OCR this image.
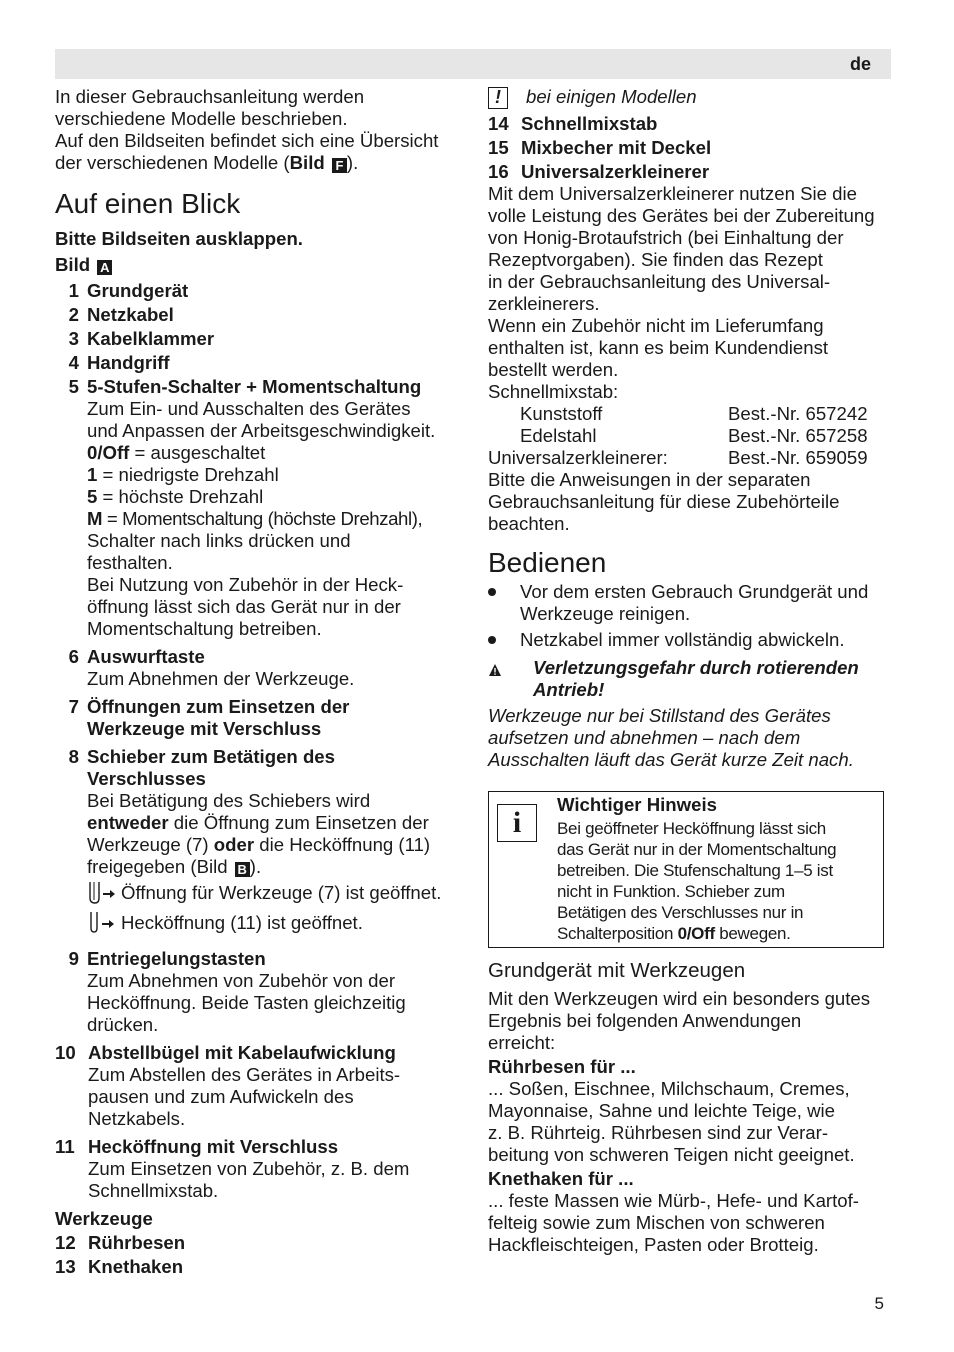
de

In dieser Gebrauchsanleitung werden

verschiedene Modelle beschrieben.

Auf den Bildseiten befindet sich eine Übersicht

der verschiedenen Modelle (Bild F ).

Auf einen Blick

Bitte Bildseiten ausklappen.

Bild A

1 Grundgerät
2 Netzkabel
3 Kabelklammer
4 Handgriff
5 5-Stufen-Schalter + Momentschaltung

Zum Ein- und Ausschalten des Gerätes

und Anpassen der Arbeitsgeschwindigkeit.

0/Off = ausgeschaltet

1 = niedrigste Drehzahl

5 = höchste Drehzahl

M = Momentschaltung (höchste Drehzahl),

Schalter nach links drücken und

festhalten.

Bei Nutzung von Zubehör in der Heck-

öffnung lässt sich das Gerät nur in der

Momentschaltung betreiben.

6 Auswurftaste

Zum Abnehmen der Werkzeuge.

7 Öffnungen zum Einsetzen der

Werkzeuge mit Verschluss

8 Schieber zum Betätigen des

Verschlusses

Bei Betätigung des Schiebers wird

entweder die Öffnung zum Einsetzen der

Werkzeuge (7) oder die Hecköffnung (11)

freigegeben (Bild B ).

Öffnung für Werkzeuge (7) ist geöffnet.
Hecköffnung (11) ist geöffnet.
9 Entriegelungstasten

Zum Abnehmen von Zubehör von der

Hecköffnung. Beide Tasten gleichzeitig

drücken.

10 Abstellbügel mit Kabelaufwicklung

Zum Abstellen des Gerätes in Arbeits-

pausen und zum Aufwickeln des

Netzkabels.

11 Hecköffnung mit Verschluss

Zum Einsetzen von Zubehör, z. B. dem

Schnellmixstab.

Werkzeuge

12 Rührbesen
13 Knethaken

! bei einigen Modellen

14 Schnellmixstab
15 Mixbecher mit Deckel
16 Universalzerkleinerer

Mit dem Universalzerkleinerer nutzen Sie die

volle Leistung des Gerätes bei der Zubereitung

von Honig-Brotaufstrich (bei Einhaltung der

Rezeptvorgaben). Sie finden das Rezept

in der Gebrauchsanleitung des Universal-

zerkleinerers.

Wenn ein Zubehör nicht im Lieferumfang

enthalten ist, kann es beim Kundendienst

bestellt werden.

Schnellmixstab:

Kunststoff	Best.-Nr. 657242
Edelstahl	Best.-Nr. 657258
Universalzerkleinerer:	Best.-Nr. 659059

Bitte die Anweisungen in der separaten

Gebrauchsanleitung für diese Zubehörteile

beachten.

Bedienen

Vor dem ersten Gebrauch Grundgerät und

Werkzeuge reinigen.

Netzkabel immer vollständig abwickeln.

Verletzungsgefahr durch rotierenden

Antrieb!

Werkzeuge nur bei Stillstand des Gerätes

aufsetzen und abnehmen – nach dem

Ausschalten läuft das Gerät kurze Zeit nach.

i

Wichtiger Hinweis

Bei geöffneter Hecköffnung lässt sich

das Gerät nur in der Momentschaltung

betreiben. Die Stufenschaltung 1–5 ist

nicht in Funktion. Schieber zum

Betätigen des Verschlusses nur in

Schalterposition 0/Off bewegen.

Grundgerät mit Werkzeugen

Mit den Werkzeugen wird ein besonders gutes

Ergebnis bei folgenden Anwendungen

erreicht:

Rührbesen für ...

... Soßen, Eischnee, Milchschaum, Cremes,

Mayonnaise, Sahne und leichte Teige, wie

z. B. Rührteig. Rührbesen sind zur Verar-

beitung von schweren Teigen nicht geeignet.

Knethaken für ...

... feste Massen wie Mürb-, Hefe- und Kartof-

felteig sowie zum Mischen von schweren

Hackfleischteigen, Pasten oder Brotteig.

5
